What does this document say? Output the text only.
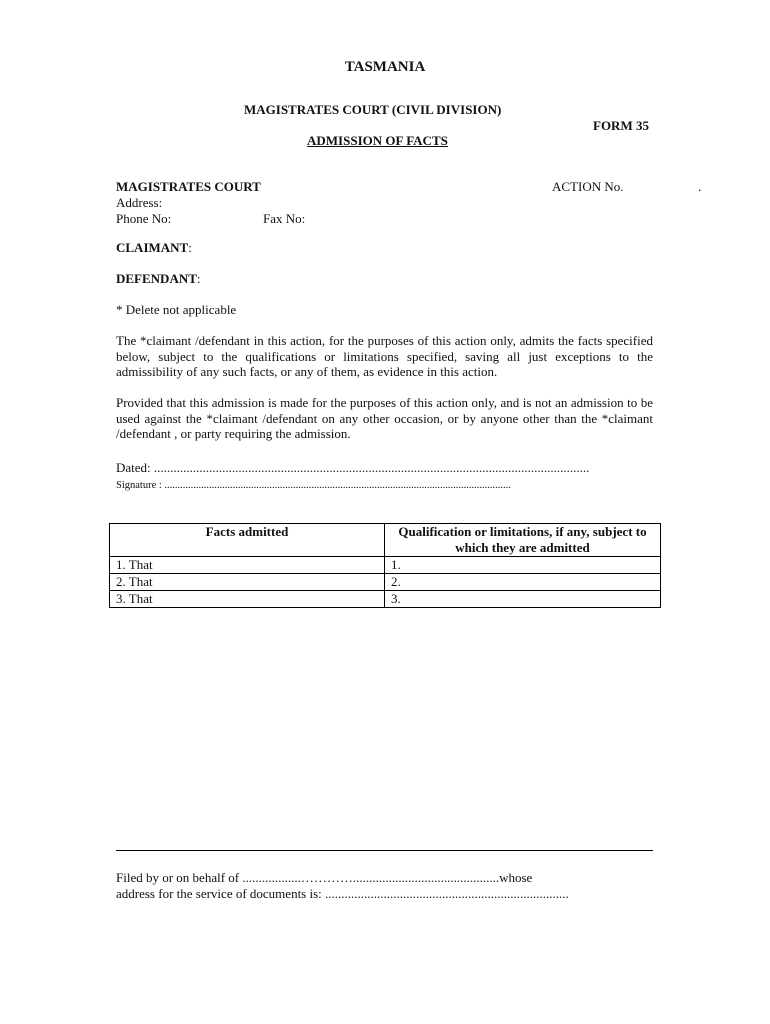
TASMANIA
MAGISTRATES COURT (CIVIL DIVISION)
FORM 35
ADMISSION OF FACTS
MAGISTRATES COURT	ACTION No.	.
Address:
Phone No:	Fax No:
CLAIMANT:
DEFENDANT:
* Delete not applicable
The *claimant /defendant in this action, for the purposes of this action only, admits the facts specified below, subject to the qualifications or limitations specified, saving all just exceptions to the admissibility of any such facts, or any of them, as evidence in this action.
Provided that this admission is made for the purposes of this action only, and is not an admission to be used against the *claimant /defendant on any other occasion, or by anyone other than the *claimant /defendant , or party requiring the admission.
Dated: ......................................................................................................................................
Signature : ....................................................................................................................................
Facts admitted	Qualification or limitations, if any, subject to which they are admitted
1. That	1.
2. That	2.
3. That	3.
Filed by or on behalf of ..................………….............................................whose
address for the service of documents is: ...........................................................................
